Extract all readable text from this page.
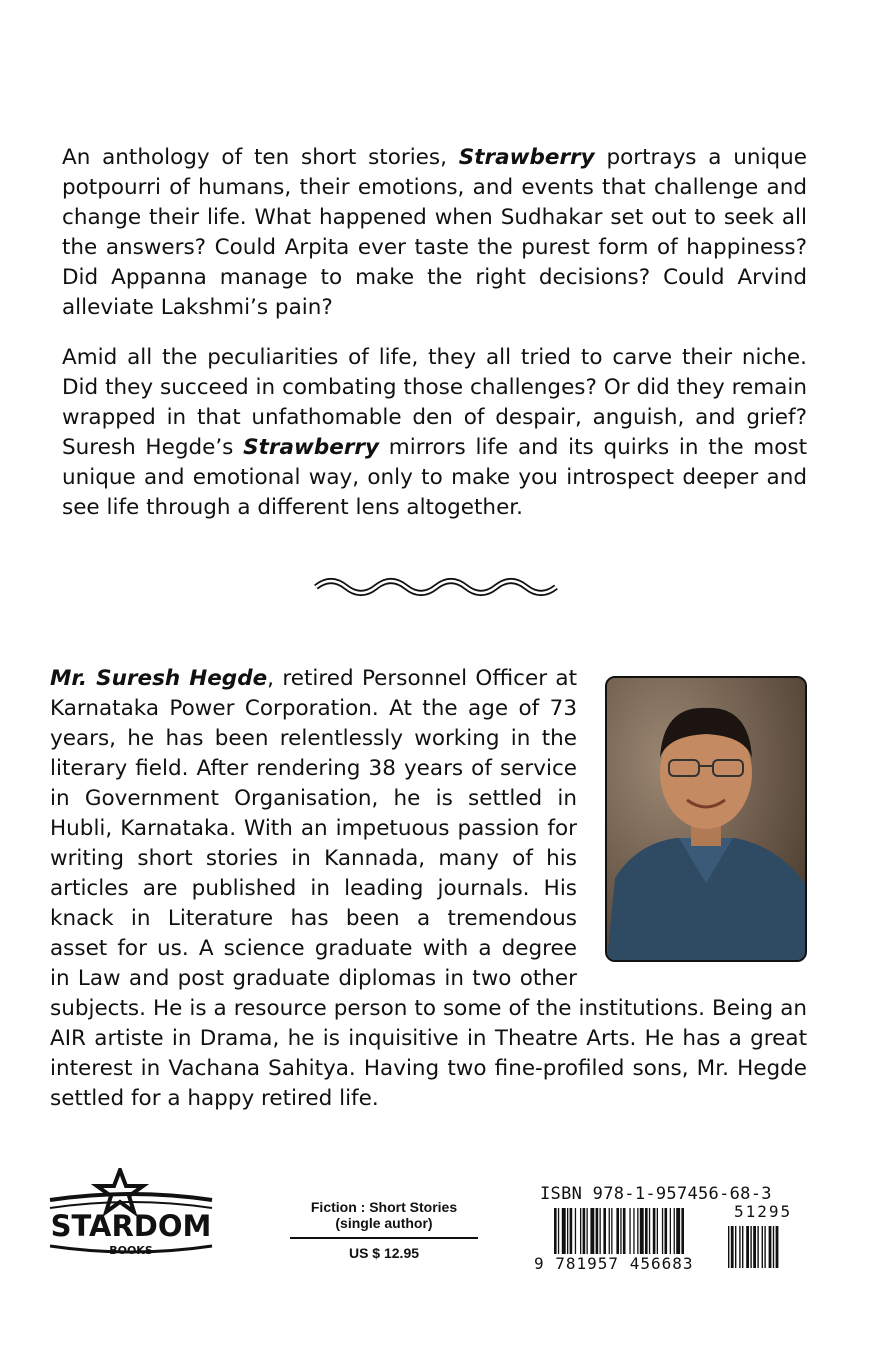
An anthology of ten short stories, Strawberry portrays a unique potpourri of humans, their emotions, and events that challenge and change their life. What happened when Sudhakar set out to seek all the answers? Could Arpita ever taste the purest form of happiness? Did Appanna manage to make the right decisions? Could Arvind alleviate Lakshmi’s pain?

Amid all the peculiarities of life, they all tried to carve their niche. Did they succeed in combating those challenges? Or did they remain wrapped in that unfathomable den of despair, anguish, and grief? Suresh Hegde’s Strawberry mirrors life and its quirks in the most unique and emotional way, only to make you introspect deeper and see life through a different lens altogether.

Mr. Suresh Hegde, retired Personnel Officer at Karnataka Power Corporation. At the age of 73 years, he has been relentlessly working in the literary field. After rendering 38 years of service in Government Organisation, he is settled in Hubli, Karnataka. With an impetuous passion for writing short stories in Kannada, many of his articles are published in leading journals. His knack in Literature has been a tremendous asset for us. A science graduate with a degree in Law and post graduate diplomas in two other subjects. He is a resource person to some of the institutions. Being an AIR artiste in Drama, he is inquisitive in Theatre Arts. He has a great interest in Vachana Sahitya. Having two fine-profiled sons, Mr. Hegde settled for a happy retired life.
STARDOM
BOOKS
Fiction : Short Stories
(single author)
US $ 12.95
ISBN 978-1-957456-68-3
51295
9 781957 456683
